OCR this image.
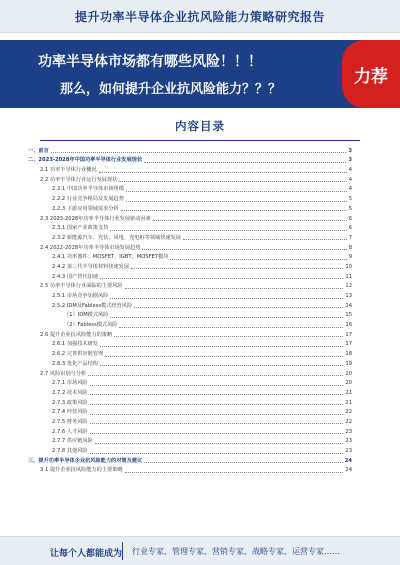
提升功率半导体企业抗风险能力策略研究报告
功率半导体市场都有哪些风险！！！
那么，如何提升企业抗风险能力？？？
力荐
内容目录
一、前言	3
二、2023-2028年中国功率半导体行业发展现状	3
2.1 功率半导体行业概况	4
2.2 功率半导体行业运行发展现状	4
2.2.1 中国功率半导体市场规模	4
2.2.2 行业竞争格局及发展趋势	5
2.2.3 下游应用领域需求分析	5
2.3 2023-2028年功率半导体行业发展驱动因素	6
2.3.1 国家产业政策支持	6
2.3.2 新能源汽车、光伏、风电、充电桩等领域快速发展	7
2.4 2022-2028年功率半导体市场发展趋势	8
2.4.1 功率器件：MOSFET、IGBT、MOSFET模块	9
2.4.2 第三代半导体材料快速发展	10
2.4.3 国产替代加速	11
2.5 功率半导体行业面临的主要风险	12
2.5.1 市场竞争加剧风险	13
2.5.2 IDM及Fabless模式经营风险	14
（1）IDM模式风险	15
（2）Fabless模式风险	16
2.6 提升企业抗风险能力的策略	17
2.6.1 加强技术研发	17
2.6.2 完善供应链管理	18
2.6.3 优化产品结构	19
2.7 风险识别与分析	20
2.7.1 市场风险	20
2.7.2 技术风险	21
2.7.3 政策风险	21
2.7.4 经营风险	22
2.7.5 财务风险	22
2.7.6 人才风险	23
2.7.7 供应链风险	23
2.7.8 其他风险	23
三、提升功率半导体企业抗风险能力的对策及建议	24
3.1 提升企业抗风险能力的主要策略	24
让每个人都能成为 行业专家、管理专家、营销专家、战略专家、运营专家……
